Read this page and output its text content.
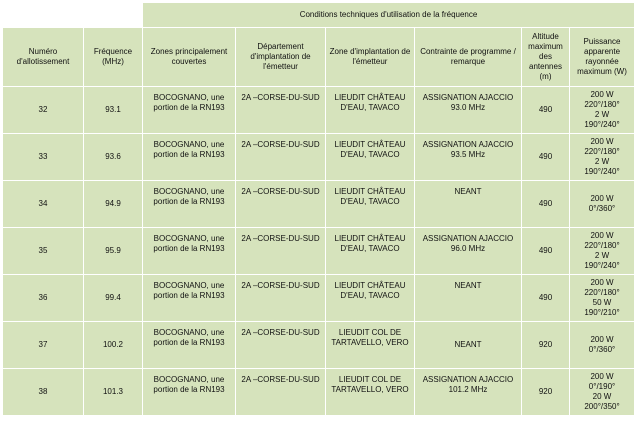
		Conditions techniques d'utilisation de la fréquence					
Numéro d'allotissement	Fréquence (MHz)	Zones principalement couvertes	Département d'implantation de l'émetteur	Zone d'implantation de l'émetteur	Contrainte de programme / remarque	Altitude maximum des antennes (m)	Puissance apparente rayonnée maximum (W)
32	93.1	BOCOGNANO, une portion de la RN193	2A –CORSE-DU-SUD	LIEUDIT CHÂTEAU D'EAU, TAVACO	ASSIGNATION AJACCIO 93.0 MHz	490	200 W
220°/180°
2 W
190°/240°

33	93.6	BOCOGNANO, une portion de la RN193	2A –CORSE-DU-SUD	LIEUDIT CHÂTEAU D'EAU, TAVACO	ASSIGNATION AJACCIO 93.5 MHz	490	200 W
220°/180°
2 W
190°/240°

34	94.9	BOCOGNANO, une portion de la RN193	2A –CORSE-DU-SUD	LIEUDIT CHÂTEAU D'EAU, TAVACO	NEANT	490	200 W
0°/360°

35	95.9	BOCOGNANO, une portion de la RN193	2A –CORSE-DU-SUD	LIEUDIT CHÂTEAU D'EAU, TAVACO	ASSIGNATION AJACCIO 96.0 MHz	490	200 W
220°/180°
2 W
190°/240°

36	99.4	BOCOGNANO, une portion de la RN193	2A –CORSE-DU-SUD	LIEUDIT CHÂTEAU D'EAU, TAVACO	NEANT	490	200 W
220°/180°
50 W
190°/210°

37	100.2	BOCOGNANO, une portion de la RN193	2A –CORSE-DU-SUD	LIEUDIT COL DE TARTAVELLO, VERO	NEANT	920	200 W
0°/360°

38	101.3	BOCOGNANO, une portion de la RN193	2A –CORSE-DU-SUD	LIEUDIT COL DE TARTAVELLO, VERO	ASSIGNATION AJACCIO 101.2 MHz	920	200 W
0°/190°
20 W
200°/350°
